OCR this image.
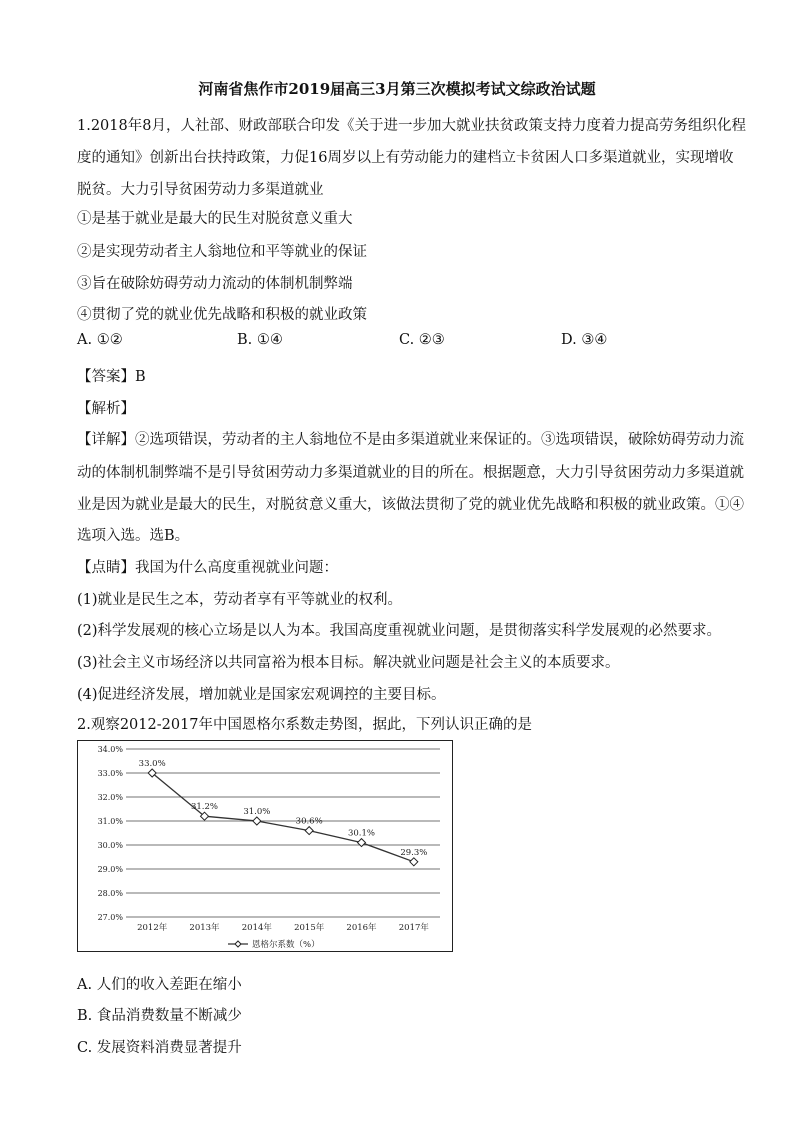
河南省焦作市2019届高三3月第三次模拟考试文综政治试题
1.2018年8月，人社部、财政部联合印发《关于进一步加大就业扶贫政策支持力度着力提高劳务组织化程
度的通知》创新出台扶持政策，力促16周岁以上有劳动能力的建档立卡贫困人口多渠道就业，实现增收
脱贫。大力引导贫困劳动力多渠道就业
①是基于就业是最大的民生对脱贫意义重大
②是实现劳动者主人翁地位和平等就业的保证
③旨在破除妨碍劳动力流动的体制机制弊端
④贯彻了党的就业优先战略和积极的就业政策
A. ①②	B. ①④	C. ②③	D. ③④
【答案】B
【解析】
【详解】②选项错误，劳动者的主人翁地位不是由多渠道就业来保证的。③选项错误，破除妨碍劳动力流
动的体制机制弊端不是引导贫困劳动力多渠道就业的目的所在。根据题意，大力引导贫困劳动力多渠道就
业是因为就业是最大的民生，对脱贫意义重大，该做法贯彻了党的就业优先战略和积极的就业政策。①④
选项入选。选B。
【点睛】我国为什么高度重视就业问题：
(1)就业是民生之本，劳动者享有平等就业的权利。
(2)科学发展观的核心立场是以人为本。我国高度重视就业问题，是贯彻落实科学发展观的必然要求。
(3)社会主义市场经济以共同富裕为根本目标。解决就业问题是社会主义的本质要求。
(4)促进经济发展，增加就业是国家宏观调控的主要目标。
2.观察2012-2017年中国恩格尔系数走势图，据此，下列认识正确的是
34.0%
33.0%
32.0%
31.0%
30.0%
29.0%
28.0%
27.0%
2012年	2013年	2014年	2015年	2016年	2017年
33.0%
31.2%	31.0%
30.6%
30.1%
29.3%
恩格尔系数（%）
A. 人们的收入差距在缩小
B. 食品消费数量不断减少
C. 发展资料消费显著提升
